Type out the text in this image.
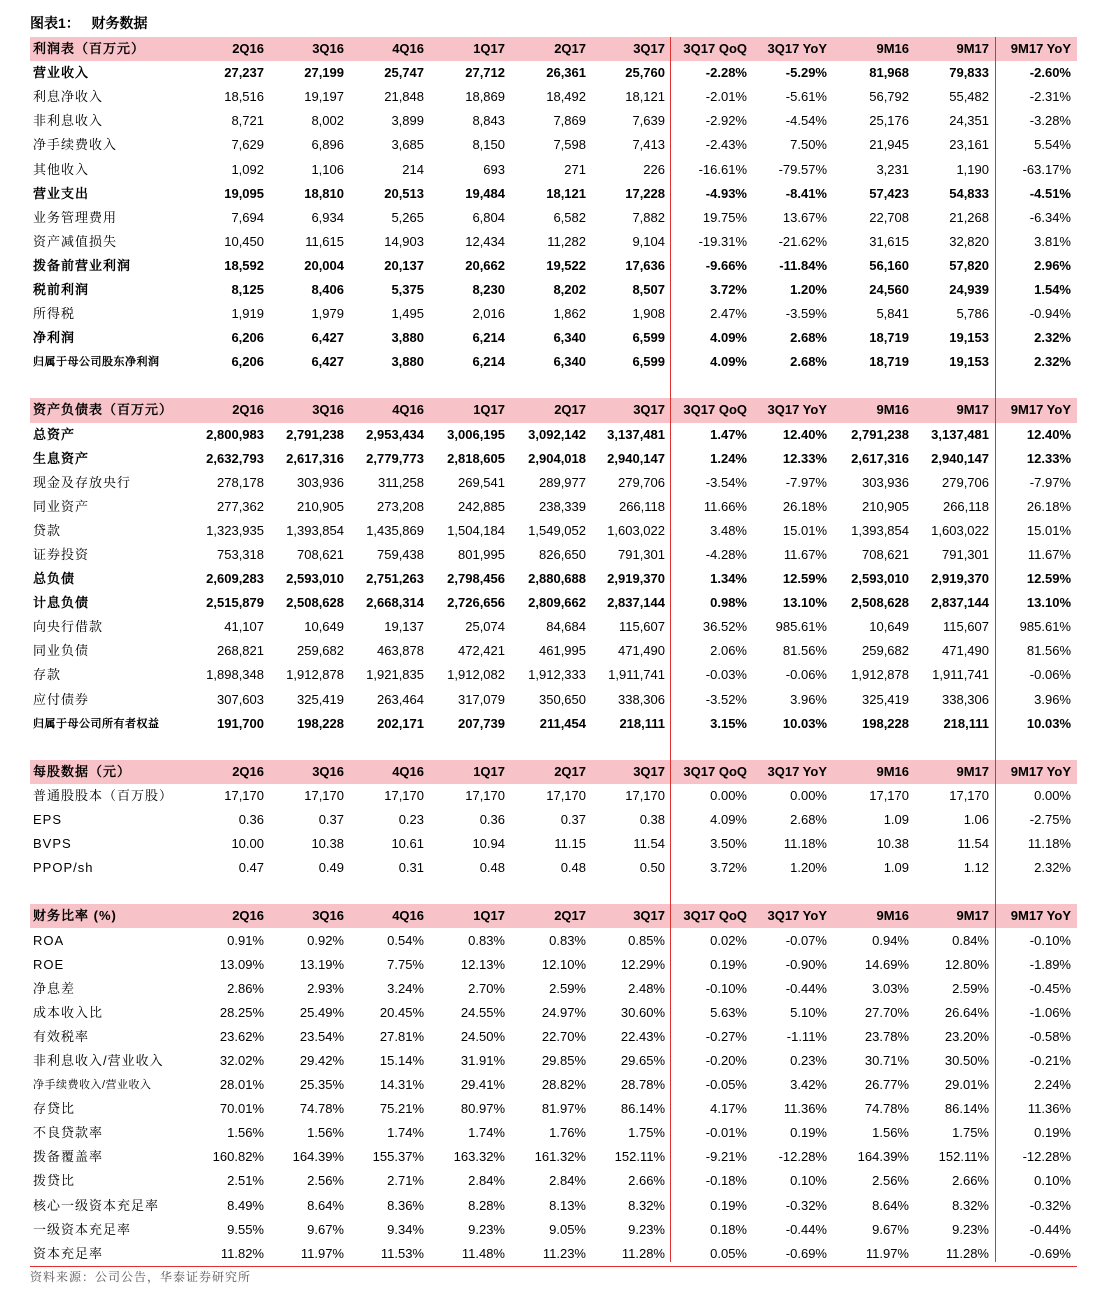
图表1：   财务数据
利润表（百万元）	2Q16	3Q16	4Q16	1Q17	2Q17	3Q17	3Q17 QoQ	3Q17 YoY	9M16	9M17	9M17 YoY
营业收入	27,237	27,199	25,747	27,712	26,361	25,760	-2.28%	-5.29%	81,968	79,833	-2.60%
利息净收入	18,516	19,197	21,848	18,869	18,492	18,121	-2.01%	-5.61%	56,792	55,482	-2.31%
非利息收入	8,721	8,002	3,899	8,843	7,869	7,639	-2.92%	-4.54%	25,176	24,351	-3.28%
净手续费收入	7,629	6,896	3,685	8,150	7,598	7,413	-2.43%	7.50%	21,945	23,161	5.54%
其他收入	1,092	1,106	214	693	271	226	-16.61%	-79.57%	3,231	1,190	-63.17%
营业支出	19,095	18,810	20,513	19,484	18,121	17,228	-4.93%	-8.41%	57,423	54,833	-4.51%
业务管理费用	7,694	6,934	5,265	6,804	6,582	7,882	19.75%	13.67%	22,708	21,268	-6.34%
资产减值损失	10,450	11,615	14,903	12,434	11,282	9,104	-19.31%	-21.62%	31,615	32,820	3.81%
拨备前营业利润	18,592	20,004	20,137	20,662	19,522	17,636	-9.66%	-11.84%	56,160	57,820	2.96%
税前利润	8,125	8,406	5,375	8,230	8,202	8,507	3.72%	1.20%	24,560	24,939	1.54%
所得税	1,919	1,979	1,495	2,016	1,862	1,908	2.47%	-3.59%	5,841	5,786	-0.94%
净利润	6,206	6,427	3,880	6,214	6,340	6,599	4.09%	2.68%	18,719	19,153	2.32%
归属于母公司股东净利润	6,206	6,427	3,880	6,214	6,340	6,599	4.09%	2.68%	18,719	19,153	2.32%

资产负债表（百万元）	2Q16	3Q16	4Q16	1Q17	2Q17	3Q17	3Q17 QoQ	3Q17 YoY	9M16	9M17	9M17 YoY
总资产	2,800,983	2,791,238	2,953,434	3,006,195	3,092,142	3,137,481	1.47%	12.40%	2,791,238	3,137,481	12.40%
生息资产	2,632,793	2,617,316	2,779,773	2,818,605	2,904,018	2,940,147	1.24%	12.33%	2,617,316	2,940,147	12.33%
现金及存放央行	278,178	303,936	311,258	269,541	289,977	279,706	-3.54%	-7.97%	303,936	279,706	-7.97%
同业资产	277,362	210,905	273,208	242,885	238,339	266,118	11.66%	26.18%	210,905	266,118	26.18%
贷款	1,323,935	1,393,854	1,435,869	1,504,184	1,549,052	1,603,022	3.48%	15.01%	1,393,854	1,603,022	15.01%
证券投资	753,318	708,621	759,438	801,995	826,650	791,301	-4.28%	11.67%	708,621	791,301	11.67%
总负债	2,609,283	2,593,010	2,751,263	2,798,456	2,880,688	2,919,370	1.34%	12.59%	2,593,010	2,919,370	12.59%
计息负债	2,515,879	2,508,628	2,668,314	2,726,656	2,809,662	2,837,144	0.98%	13.10%	2,508,628	2,837,144	13.10%
向央行借款	41,107	10,649	19,137	25,074	84,684	115,607	36.52%	985.61%	10,649	115,607	985.61%
同业负债	268,821	259,682	463,878	472,421	461,995	471,490	2.06%	81.56%	259,682	471,490	81.56%
存款	1,898,348	1,912,878	1,921,835	1,912,082	1,912,333	1,911,741	-0.03%	-0.06%	1,912,878	1,911,741	-0.06%
应付债券	307,603	325,419	263,464	317,079	350,650	338,306	-3.52%	3.96%	325,419	338,306	3.96%
归属于母公司所有者权益	191,700	198,228	202,171	207,739	211,454	218,111	3.15%	10.03%	198,228	218,111	10.03%

每股数据（元）	2Q16	3Q16	4Q16	1Q17	2Q17	3Q17	3Q17 QoQ	3Q17 YoY	9M16	9M17	9M17 YoY
普通股股本（百万股）	17,170	17,170	17,170	17,170	17,170	17,170	0.00%	0.00%	17,170	17,170	0.00%
EPS	0.36	0.37	0.23	0.36	0.37	0.38	4.09%	2.68%	1.09	1.06	-2.75%
BVPS	10.00	10.38	10.61	10.94	11.15	11.54	3.50%	11.18%	10.38	11.54	11.18%
PPOP/sh	0.47	0.49	0.31	0.48	0.48	0.50	3.72%	1.20%	1.09	1.12	2.32%

财务比率 (%)	2Q16	3Q16	4Q16	1Q17	2Q17	3Q17	3Q17 QoQ	3Q17 YoY	9M16	9M17	9M17 YoY
ROA	0.91%	0.92%	0.54%	0.83%	0.83%	0.85%	0.02%	-0.07%	0.94%	0.84%	-0.10%
ROE	13.09%	13.19%	7.75%	12.13%	12.10%	12.29%	0.19%	-0.90%	14.69%	12.80%	-1.89%
净息差	2.86%	2.93%	3.24%	2.70%	2.59%	2.48%	-0.10%	-0.44%	3.03%	2.59%	-0.45%
成本收入比	28.25%	25.49%	20.45%	24.55%	24.97%	30.60%	5.63%	5.10%	27.70%	26.64%	-1.06%
有效税率	23.62%	23.54%	27.81%	24.50%	22.70%	22.43%	-0.27%	-1.11%	23.78%	23.20%	-0.58%
非利息收入/营业收入	32.02%	29.42%	15.14%	31.91%	29.85%	29.65%	-0.20%	0.23%	30.71%	30.50%	-0.21%
净手续费收入/营业收入	28.01%	25.35%	14.31%	29.41%	28.82%	28.78%	-0.05%	3.42%	26.77%	29.01%	2.24%
存贷比	70.01%	74.78%	75.21%	80.97%	81.97%	86.14%	4.17%	11.36%	74.78%	86.14%	11.36%
不良贷款率	1.56%	1.56%	1.74%	1.74%	1.76%	1.75%	-0.01%	0.19%	1.56%	1.75%	0.19%
拨备覆盖率	160.82%	164.39%	155.37%	163.32%	161.32%	152.11%	-9.21%	-12.28%	164.39%	152.11%	-12.28%
拨贷比	2.51%	2.56%	2.71%	2.84%	2.84%	2.66%	-0.18%	0.10%	2.56%	2.66%	0.10%
核心一级资本充足率	8.49%	8.64%	8.36%	8.28%	8.13%	8.32%	0.19%	-0.32%	8.64%	8.32%	-0.32%
一级资本充足率	9.55%	9.67%	9.34%	9.23%	9.05%	9.23%	0.18%	-0.44%	9.67%	9.23%	-0.44%
资本充足率	11.82%	11.97%	11.53%	11.48%	11.23%	11.28%	0.05%	-0.69%	11.97%	11.28%	-0.69%
资料来源：公司公告，华泰证券研究所
